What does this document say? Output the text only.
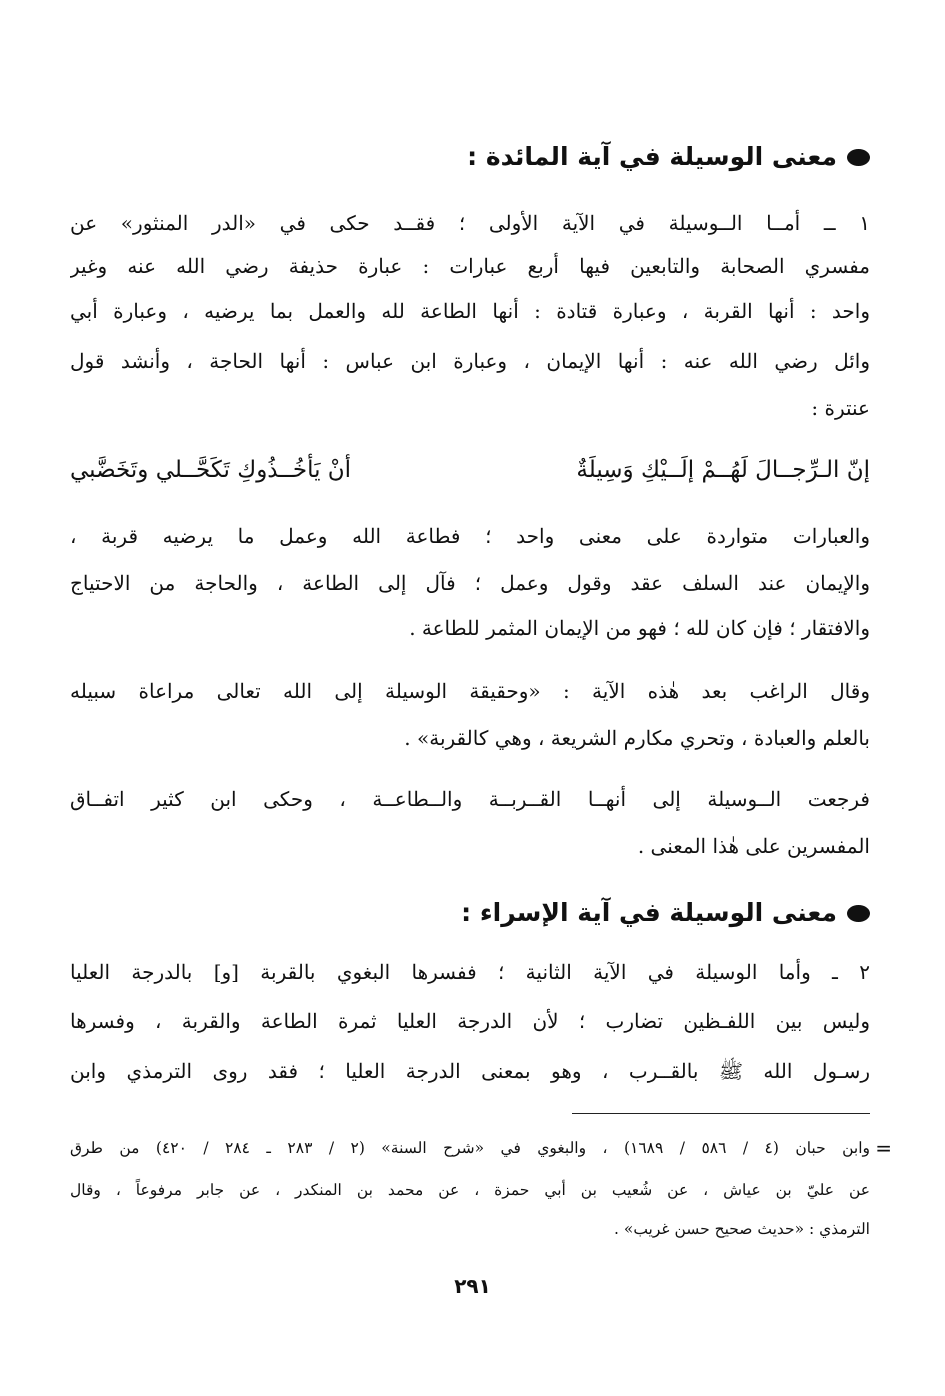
معنى الوسيلة في آية المائدة :
١ ــ أمــا الــوسيلة في الآية الأولى ؛ فقــد حكى في «الدر المنثور» عن
مفسري الصحابة والتابعين فيها أربع عبارات : عبارة حذيفة رضي الله عنه وغير
واحد : أنها القربة ، وعبارة قتادة : أنها الطاعة لله والعمل بما يرضيه ، وعبارة أبي
وائل رضي الله عنه : أنها الإيمان ، وعبارة ابن عباس : أنها الحاجة ، وأنشد قول
عنترة :
إنّ الـرِّجــالَ لَهُــمْ إلَــيْكِ وَسِيلَةٌ
أنْ يَأخُــذُوكِ تَكَحَّــلي وتَخَضَّبي
والعبارات متواردة على معنى واحد ؛ فطاعة الله وعمل ما يرضيه قربة ،
والإيمان عند السلف عقد وقول وعمل ؛ فآل إلى الطاعة ، والحاجة من الاحتياج
والافتقار ؛ فإن كان لله ؛ فهو من الإيمان المثمر للطاعة .
وقال الراغب بعد هٰذه الآية : «وحقيقة الوسيلة إلى الله تعالى مراعاة سبيله
بالعلم والعبادة ، وتحري مكارم الشريعة ، وهي كالقربة» .
فرجعت الــوسيلة إلى أنهــا القــربــة والــطاعــة ، وحكى ابن كثير اتفــاق
المفسرين على هٰذا المعنى .
معنى الوسيلة في آية الإسراء :
٢ ـ وأما الوسيلة في الآية الثانية ؛ ففسرها البغوي بالقربة [و] بالدرجة العليا
وليس بين اللفـظين تضارب ؛ لأن الدرجة العليا ثمرة الطاعة والقربة ، وفسرها
رسـول الله ﷺ بالقــرب ، وهو بمعنى الدرجة العليا ؛ فقد روى الترمذي وابن
=
وابن حبان (٤ / ٥٨٦ / ١٦٨٩) ، والبغوي في «شرح السنة» (٢ / ٢٨٣ ـ ٢٨٤ / ٤٢٠) من طرق
عن عليّ بن عياش ، عن شُعيب بن أبي حمزة ، عن محمد بن المنكدر ، عن جابر مرفوعاً ، وقال
الترمذي : «حديث صحيح حسن غريب» .
٢٩١
